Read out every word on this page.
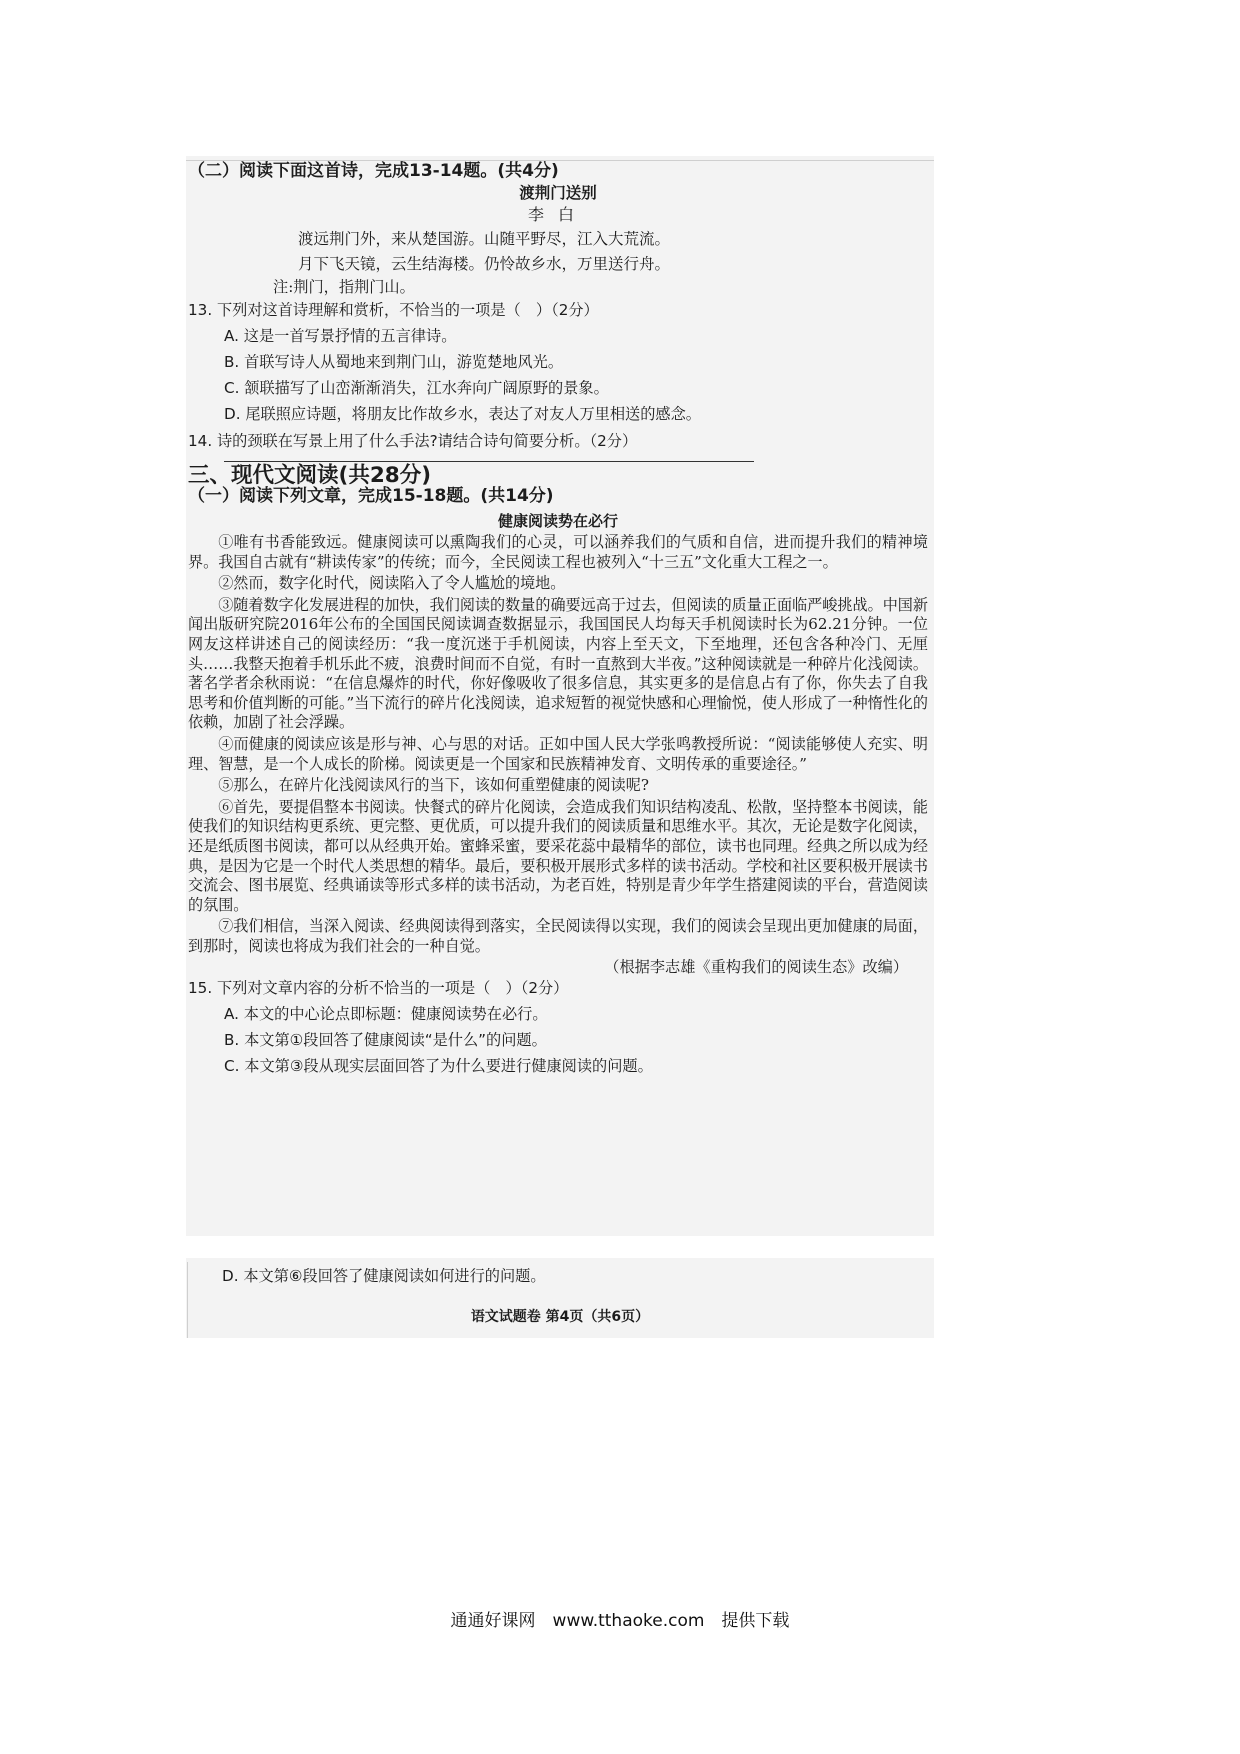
（二）阅读下面这首诗，完成13-14题。(共4分)
渡荆门送别
李白
渡远荆门外，来从楚国游。山随平野尽，江入大荒流。
月下飞天镜，云生结海楼。仍怜故乡水，万里送行舟。
注:荆门，指荆门山。
13. 下列对这首诗理解和赏析，不恰当的一项是（　）（2分）
A. 这是一首写景抒情的五言律诗。
B. 首联写诗人从蜀地来到荆门山，游览楚地风光。
C. 颔联描写了山峦渐渐消失，江水奔向广阔原野的景象。
D. 尾联照应诗题，将朋友比作故乡水，表达了对友人万里相送的感念。
14. 诗的颈联在写景上用了什么手法?请结合诗句简要分析。（2分）
三、现代文阅读(共28分)
（一）阅读下列文章，完成15-18题。(共14分)
健康阅读势在必行
①唯有书香能致远。健康阅读可以熏陶我们的心灵，可以涵养我们的气质和自信，进而提升我们的精神境界。我国自古就有“耕读传家”的传统；而今，全民阅读工程也被列入“十三五”文化重大工程之一。
②然而，数字化时代，阅读陷入了令人尴尬的境地。
③随着数字化发展进程的加快，我们阅读的数量的确要远高于过去，但阅读的质量正面临严峻挑战。中国新闻出版研究院2016年公布的全国国民阅读调查数据显示，我国国民人均每天手机阅读时长为62.21分钟。一位网友这样讲述自己的阅读经历：“我一度沉迷于手机阅读，内容上至天文，下至地理，还包含各种冷门、无厘头……我整天抱着手机乐此不疲，浪费时间而不自觉，有时一直熬到大半夜。”这种阅读就是一种碎片化浅阅读。著名学者余秋雨说：“在信息爆炸的时代，你好像吸收了很多信息，其实更多的是信息占有了你，你失去了自我思考和价值判断的可能。”当下流行的碎片化浅阅读，追求短暂的视觉快感和心理愉悦，使人形成了一种惰性化的依赖，加剧了社会浮躁。
④而健康的阅读应该是形与神、心与思的对话。正如中国人民大学张鸣教授所说：“阅读能够使人充实、明理、智慧，是一个人成长的阶梯。阅读更是一个国家和民族精神发育、文明传承的重要途径。”
⑤那么，在碎片化浅阅读风行的当下，该如何重塑健康的阅读呢?
⑥首先，要提倡整本书阅读。快餐式的碎片化阅读，会造成我们知识结构凌乱、松散，坚持整本书阅读，能使我们的知识结构更系统、更完整、更优质，可以提升我们的阅读质量和思维水平。其次，无论是数字化阅读，还是纸质图书阅读，都可以从经典开始。蜜蜂采蜜，要采花蕊中最精华的部位，读书也同理。经典之所以成为经典，是因为它是一个时代人类思想的精华。最后，要积极开展形式多样的读书活动。学校和社区要积极开展读书交流会、图书展览、经典诵读等形式多样的读书活动，为老百姓，特别是青少年学生搭建阅读的平台，营造阅读的氛围。
⑦我们相信，当深入阅读、经典阅读得到落实，全民阅读得以实现，我们的阅读会呈现出更加健康的局面，到那时，阅读也将成为我们社会的一种自觉。
（根据李志雄《重构我们的阅读生态》改编）
15. 下列对文章内容的分析不恰当的一项是（　）（2分）
A. 本文的中心论点即标题：健康阅读势在必行。
B. 本文第①段回答了健康阅读“是什么”的问题。
C. 本文第③段从现实层面回答了为什么要进行健康阅读的问题。
D. 本文第⑥段回答了健康阅读如何进行的问题。
语文试题卷 第4页（共6页）
通通好课网　www.tthaoke.com　提供下载
